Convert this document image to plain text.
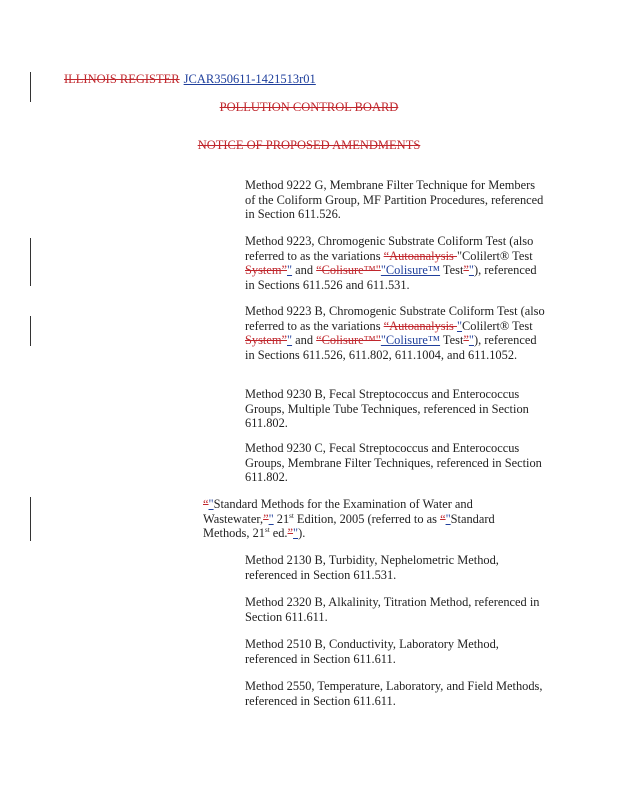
ILLINOIS REGISTER JCAR350611-1421513r01
POLLUTION CONTROL BOARD
NOTICE OF PROPOSED AMENDMENTS
Method 9222 G, Membrane Filter Technique for Members of the Coliform Group, MF Partition Procedures, referenced in Section 611.526.
Method 9223, Chromogenic Substrate Coliform Test (also referred to as the variations “Autoanalysis "Colilert® Test System”" and “Colisure™""Colisure™ Test”"), referenced in Sections 611.526 and 611.531.
Method 9223 B, Chromogenic Substrate Coliform Test (also referred to as the variations “Autoanalysis "Colilert® Test System”" and “Colisure™""Colisure™ Test”"), referenced in Sections 611.526, 611.802, 611.1004, and 611.1052.
Method 9230 B, Fecal Streptococcus and Enterococcus Groups, Multiple Tube Techniques, referenced in Section 611.802.
Method 9230 C, Fecal Streptococcus and Enterococcus Groups, Membrane Filter Techniques, referenced in Section 611.802.
“"Standard Methods for the Examination of Water and Wastewater,”" 21st Edition, 2005 (referred to as “"Standard Methods, 21st ed.”").
Method 2130 B, Turbidity, Nephelometric Method, referenced in Section 611.531.
Method 2320 B, Alkalinity, Titration Method, referenced in Section 611.611.
Method 2510 B, Conductivity, Laboratory Method, referenced in Section 611.611.
Method 2550, Temperature, Laboratory, and Field Methods, referenced in Section 611.611.
